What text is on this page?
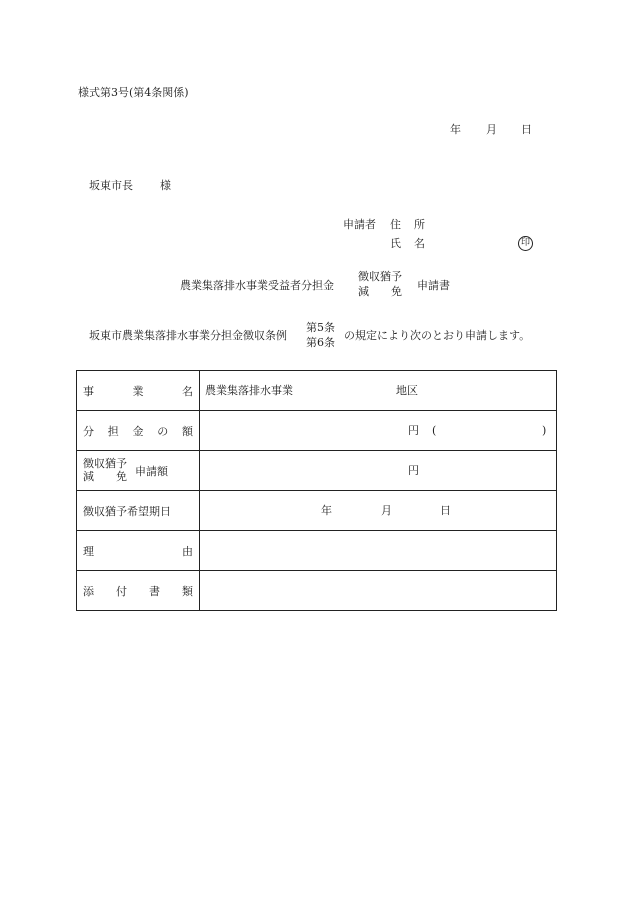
様式第3号(第4条関係)
年 月 日
坂東市長 様
申請者 住 所
氏 名	印
農業集落排水事業受益者分担金
徴収猶予
減 免 申請書
坂東市農業集落排水事業分担金徴収条例
第5条
第6条
の規定により次のとおり申請します。
事 業 名	農業集落排水事業 地区

分 担 金 の 額	円 ( )

徴収猶予
減 免 申請額	円

徴収猶予希望期日	年 月 日

理 由	

添 付 書 類	
